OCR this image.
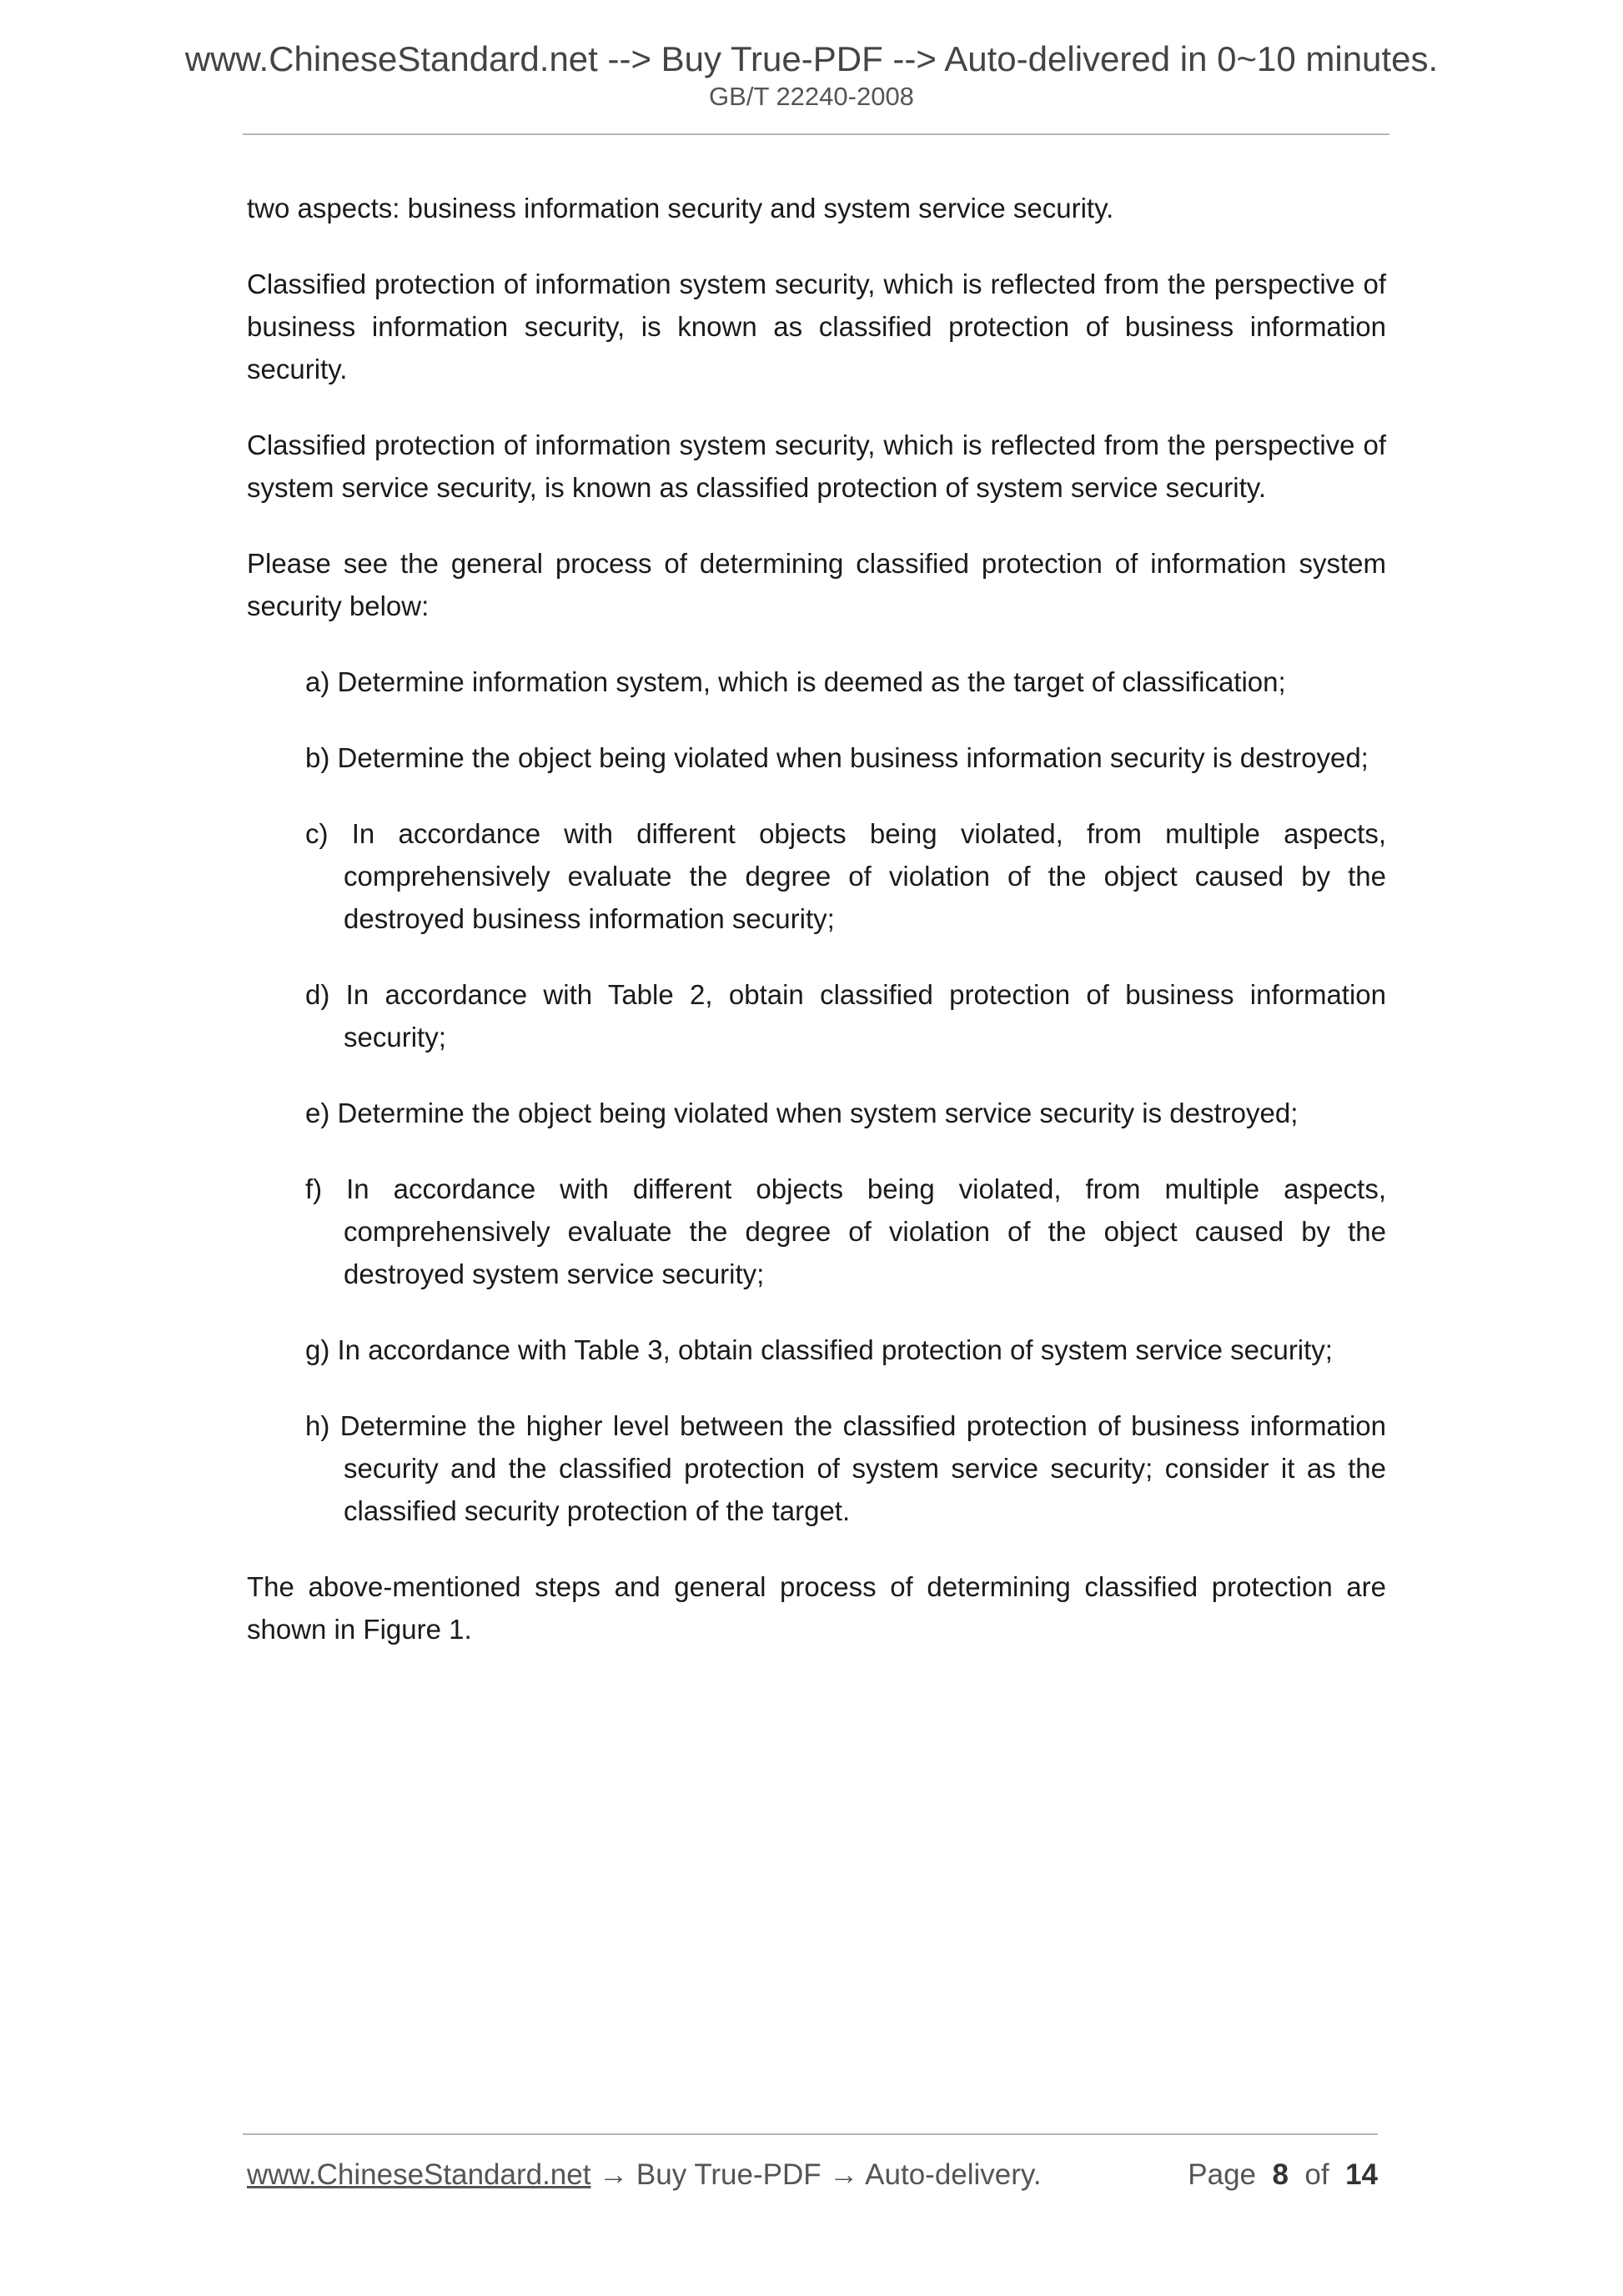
www.ChineseStandard.net --> Buy True-PDF --> Auto-delivered in 0~10 minutes.
GB/T 22240-2008

two aspects: business information security and system service security.

Classified protection of information system security, which is reflected from the perspective of business information security, is known as classified protection of business information security.

Classified protection of information system security, which is reflected from the perspective of system service security, is known as classified protection of system service security.

Please see the general process of determining classified protection of information system security below:

a) Determine information system, which is deemed as the target of classification;
b) Determine the object being violated when business information security is destroyed;
c) In accordance with different objects being violated, from multiple aspects, comprehensively evaluate the degree of violation of the object caused by the destroyed business information security;
d) In accordance with Table 2, obtain classified protection of business information security;
e) Determine the object being violated when system service security is destroyed;
f) In accordance with different objects being violated, from multiple aspects, comprehensively evaluate the degree of violation of the object caused by the destroyed system service security;
g) In accordance with Table 3, obtain classified protection of system service security;
h) Determine the higher level between the classified protection of business information security and the classified protection of system service security; consider it as the classified security protection of the target.

The above-mentioned steps and general process of determining classified protection are shown in Figure 1.

www.ChineseStandard.net → Buy True-PDF → Auto-delivery.	Page 8 of 14
